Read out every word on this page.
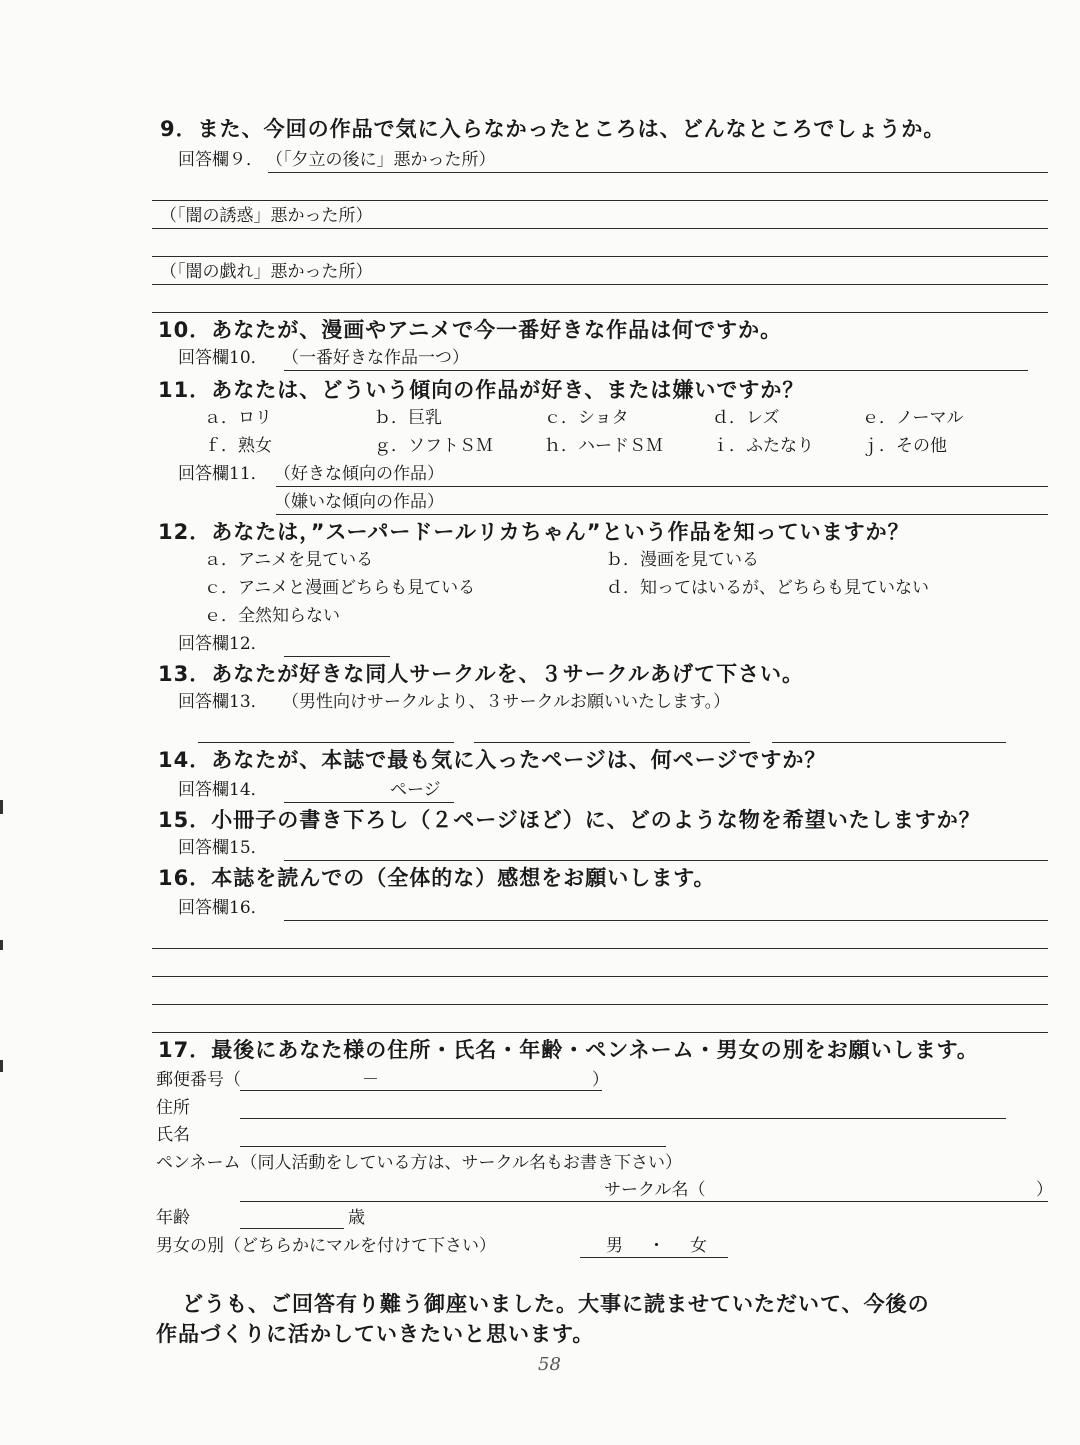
9．また、今回の作品で気に入らなかったところは、どんなところでしょうか。
回答欄９． （「夕立の後に」悪かった所）
（「闇の誘惑」悪かった所）
（「闇の戯れ」悪かった所）
10．あなたが、漫画やアニメで今一番好きな作品は何ですか。
回答欄10． （一番好きな作品一つ）
11．あなたは、どういう傾向の作品が好き、または嫌いですか？
ａ．ロリ	ｂ．巨乳	ｃ．ショタ	ｄ．レズ	ｅ．ノーマル
ｆ．熟女	ｇ．ソフトＳＭ	ｈ．ハードＳＭ	ｉ．ふたなり	ｊ．その他
回答欄11． （好きな傾向の作品）
（嫌いな傾向の作品）
12．あなたは，”スーパードールリカちゃん”という作品を知っていますか？
ａ．アニメを見ている	ｂ．漫画を見ている
ｃ．アニメと漫画どちらも見ている	ｄ．知ってはいるが、どちらも見ていない
ｅ．全然知らない
回答欄12．
13．あなたが好きな同人サークルを、３サークルあげて下さい。
回答欄13． （男性向けサークルより、３サークルお願いいたします。）
14．あなたが、本誌で最も気に入ったページは、何ページですか？
回答欄14．	ページ
15．小冊子の書き下ろし（２ページほど）に、どのような物を希望いたしますか？
回答欄15．
16．本誌を読んでの（全体的な）感想をお願いします。
回答欄16．
17．最後にあなた様の住所・氏名・年齢・ペンネーム・男女の別をお願いします。
郵便番号（	－	）
住所
氏名
ペンネーム（同人活動をしている方は、サークル名もお書き下さい）
サークル名（	）
年齢	歳
男女の別（どちらかにマルを付けて下さい）	男 ・ 女
どうも、ご回答有り難う御座いました。大事に読ませていただいて、今後の
作品づくりに活かしていきたいと思います。
58
